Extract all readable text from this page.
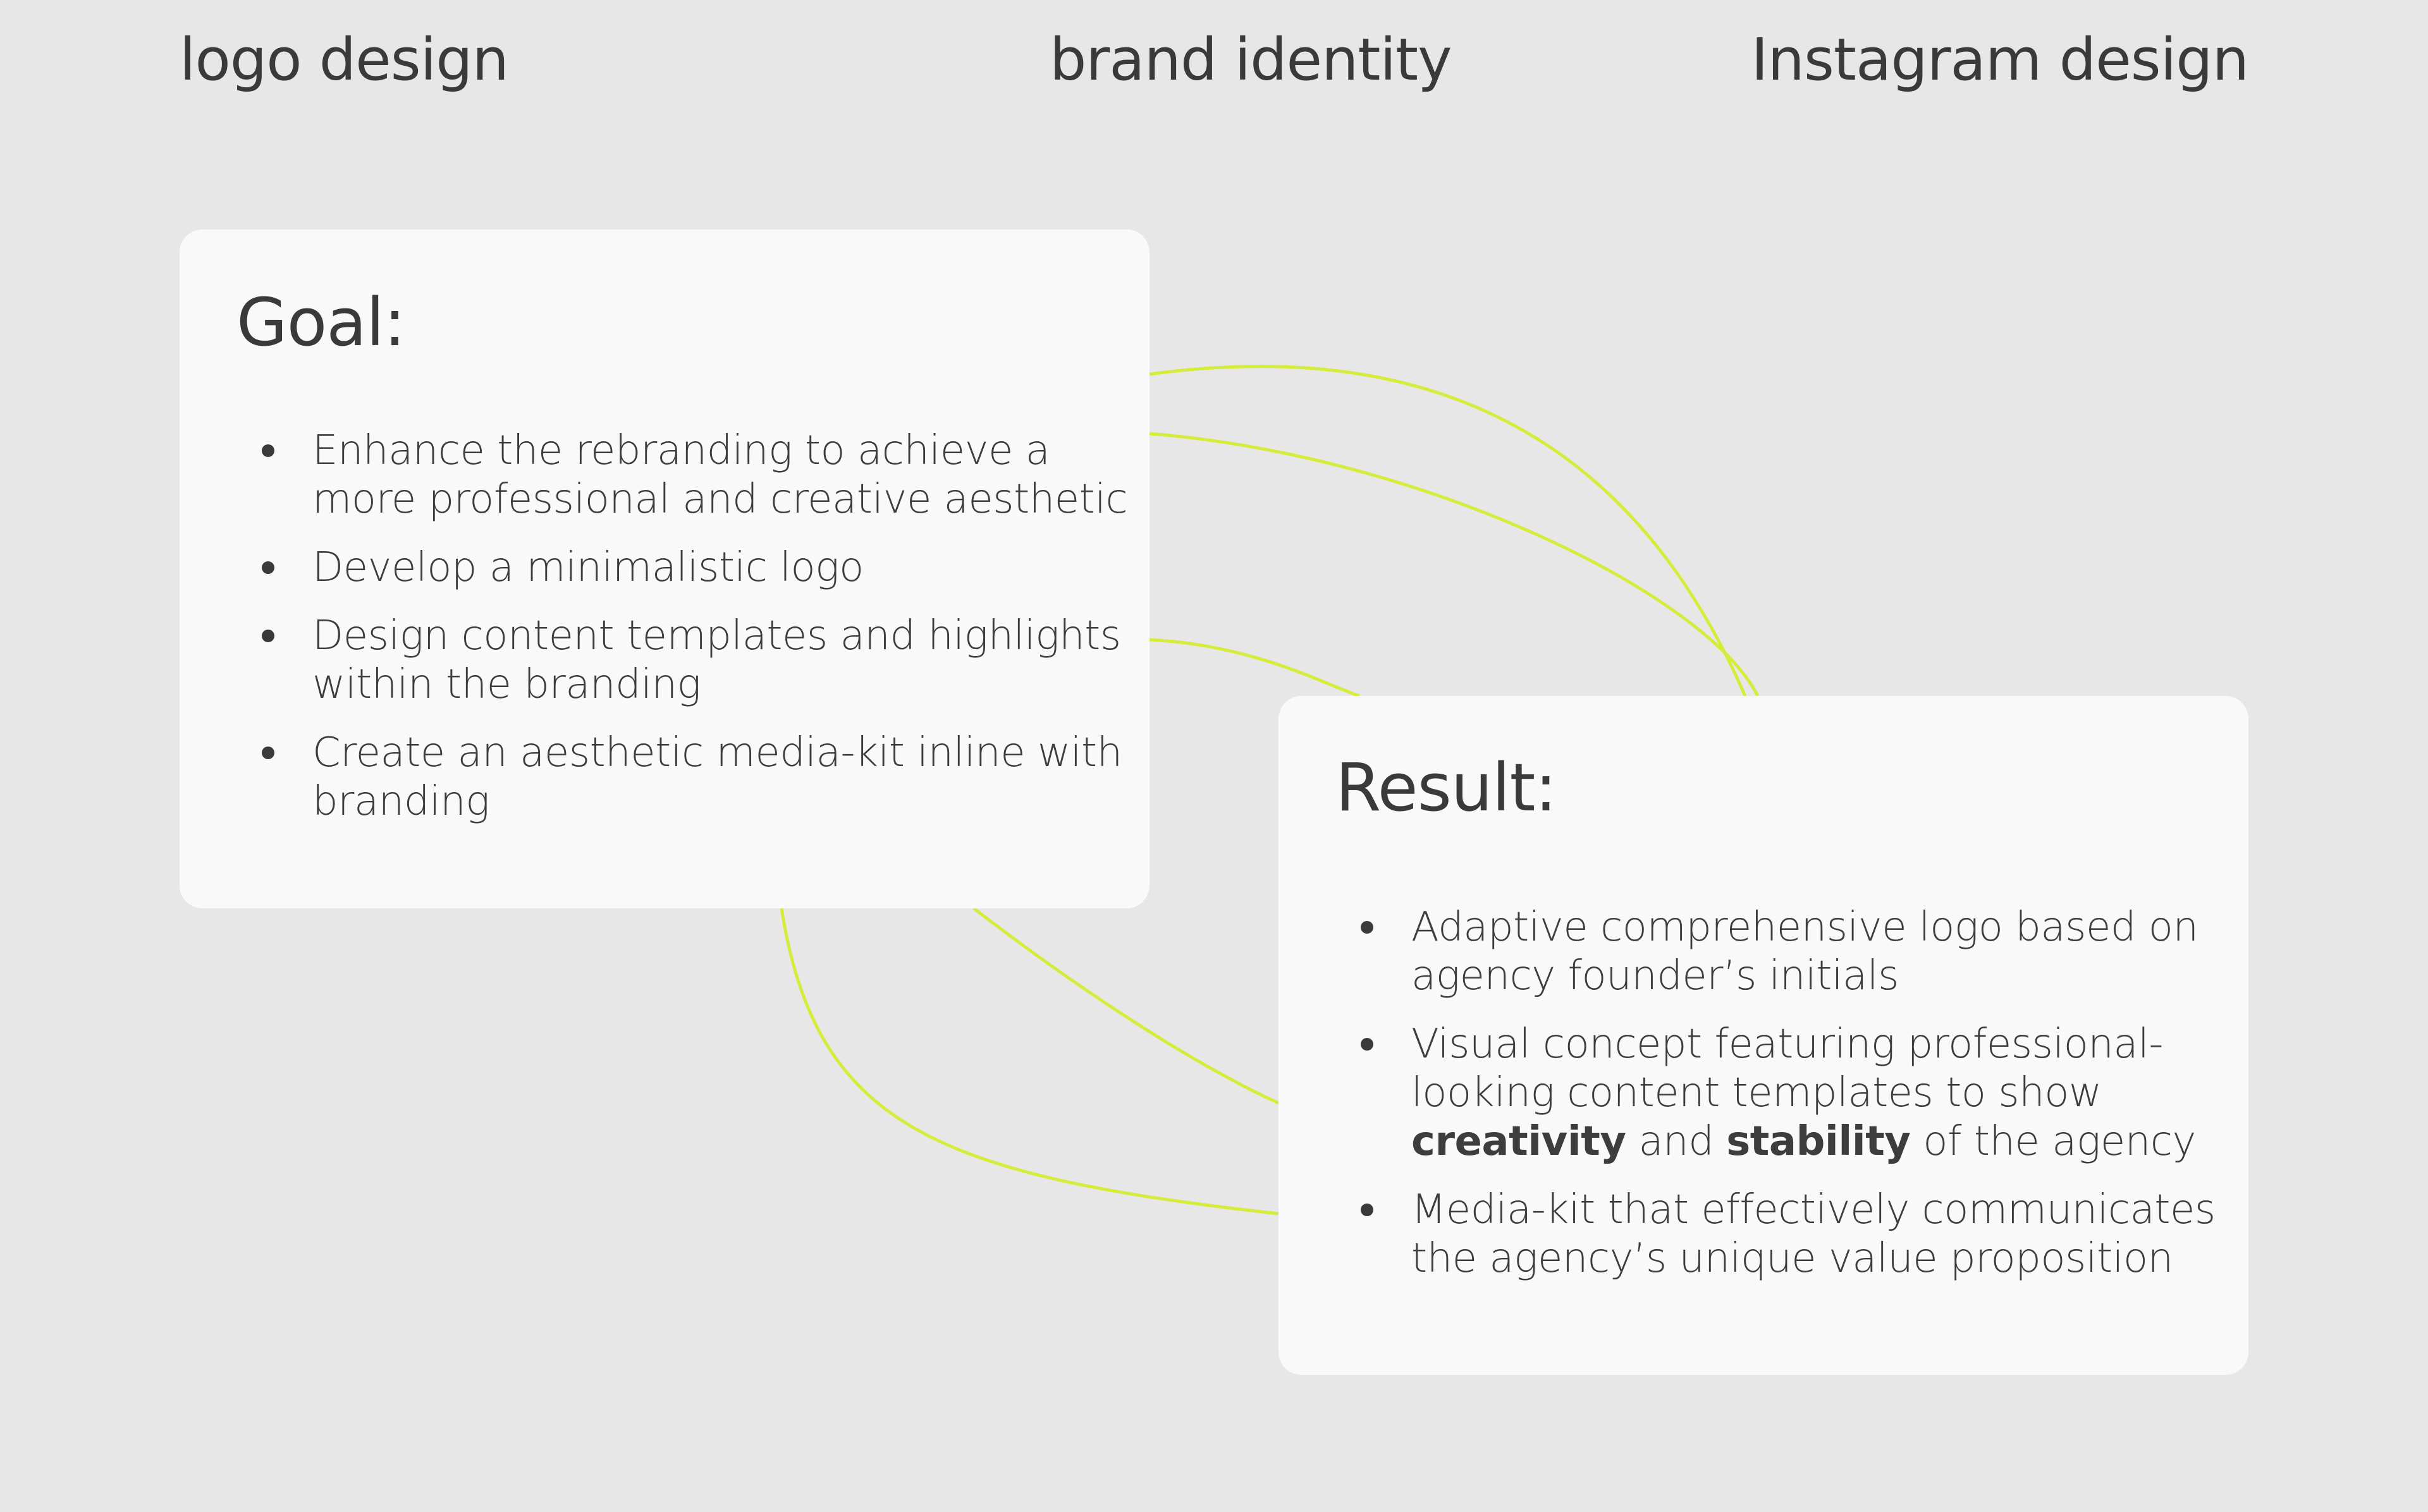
logo design	brand identity	Instagram design
Goal:
Enhance the rebranding to achieve a more professional and creative aesthetic
Develop a minimalistic logo
Design content templates and highlights within the branding
Create an aesthetic media-kit inline with branding	Result:
Adaptive comprehensive logo based on agency founder’s initials
Visual concept featuring professional-looking content templates to show creativity and stability of the agency
Media-kit that effectively communicates the agency’s unique value proposition
